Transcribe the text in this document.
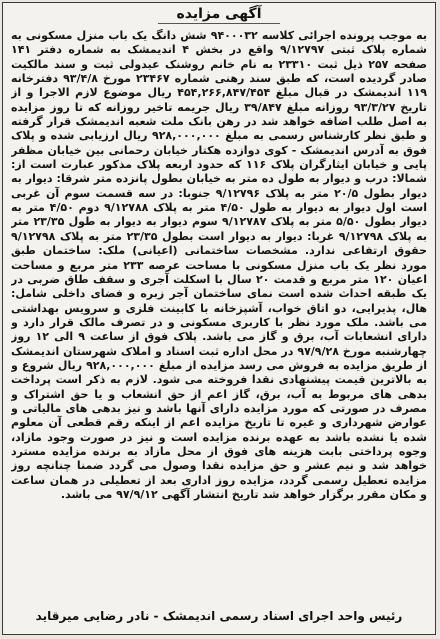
آگهی مزایده
به موجب پرونده اجرائی کلاسه ۹۴۰۰۰۳۲ شش دانگ یک باب منزل مسکونی به شماره پلاک ثبتی ۹/۱۲۷۹۷ واقع در بخش ۴ اندیمشک به شماره دفتر ۱۴۱ صفحه ۲۵۷ ذیل ثبت ۲۳۳۱۰ به نام خانم روشنک عیدولی ثبت و سند مالکیت صادر گردیده است، که طبق سند رهنی شماره ۲۳۴۶۷ مورخ ۹۳/۴/۸ دفترخانه ۱۱۹ اندیمشک در قبال مبلغ ۴۵۴,۲۶۶,۸۴۷/۴۵۴ ریال موضوع لازم الاجرا و از تاریخ ۹۳/۳/۲۷ روزانه مبلغ ۳۹/۸۴۷ ریال جریمه تاخیر روزانه که تا روز مزایده به اصل طلب اضافه خواهد شد در رهن بانک ملت شعبه اندیمشک قرار گرفته و طبق نظر کارشناس رسمی به مبلغ ۹۲۸,۰۰۰,۰۰۰ ریال ارزیابی شده و پلاک فوق به آدرس اندیمشک - کوی دوازده هکتار خیابان رحمانی بین خیابان مظفر پایی و خیابان ایثارگران پلاک ۱۱۶ که حدود اربعه پلاک مذکور عبارت است از: شمالا: درب و دیوار به طول ده متر به خیابان بطول پانزده متر شرقا: دیوار به دیوار بطول ۲۰/۵ متر به پلاک ۹/۱۲۷۹۶ جنوبا: در سه قسمت سوم آن غربی است اول دیوار به دیوار به طول ۴/۵۰ متر به پلاک ۹/۱۲۷۸۸ دوم ۴/۵۰ متر به دیوار بطول ۵/۵۰ متر به پلاک ۹/۱۲۷۸۷ سوم دیوار به دیوار به طول ۲۳/۳۵ متر به پلاک ۹/۱۲۷۹۸ غربا: دیوار به دیوار است بطول ۲۳/۳۵ متر به پلاک ۹/۱۲۷۹۸ حقوق ارتفاعی ندارد. مشخصات ساختمانی (اعیانی) ملک: ساختمان طبق مورد نظر یک باب منزل مسکونی با مساحت عرصه ۲۳۳ متر مربع و مساحت اعیان ۱۲۰ متر مربع و قدمت ۲۰ سال با اسکلت آجری و سقف طاق ضربی در یک طبقه احداث شده است نمای ساختمان آجر زبره و فضای داخلی شامل: هال، پذیرایی، دو اتاق خواب، آشپزخانه با کابینت فلزی و سرویس بهداشتی می باشد. ملک مورد نظر با کاربری مسکونی و در تصرف مالک قرار دارد و دارای انشعابات آب، برق و گاز می باشد. پلاک فوق از ساعت ۹ الی ۱۲ روز چهارشنبه مورخ ۹۷/۹/۲۸ در محل اداره ثبت اسناد و املاک شهرستان اندیمشک از طریق مزایده به فروش می رسد مزایده از مبلغ ۹۲۸,۰۰۰,۰۰۰ ریال شروع و به بالاترین قیمت پیشنهادی نقدا فروخته می شود. لازم به ذکر است پرداخت بدهی های مربوط به آب، برق، گاز اعم از حق انشعاب و یا حق اشتراک و مصرف در صورتی که مورد مزایده دارای آنها باشد و نیز بدهی های مالیاتی و عوارض شهرداری و غیره تا تاریخ مزایده اعم از اینکه رقم قطعی آن معلوم شده یا نشده باشد به عهده برنده مزایده است و نیز در صورت وجود مازاد، وجوه پرداختی بابت هزینه های فوق از محل مازاد به برنده مزایده مسترد خواهد شد و نیم عشر و حق مزایده نقدا وصول می گردد ضمنا چنانچه روز مزایده تعطیل رسمی گردد، مزایده روز اداری بعد از تعطیلی در همان ساعت و مکان مقرر برگزار خواهد شد تاریخ انتشار آگهی ۹۷/۹/۱۲ می باشد.
رئیس واحد اجرای اسناد رسمی اندیمشک - نادر رضایی میرقاید
